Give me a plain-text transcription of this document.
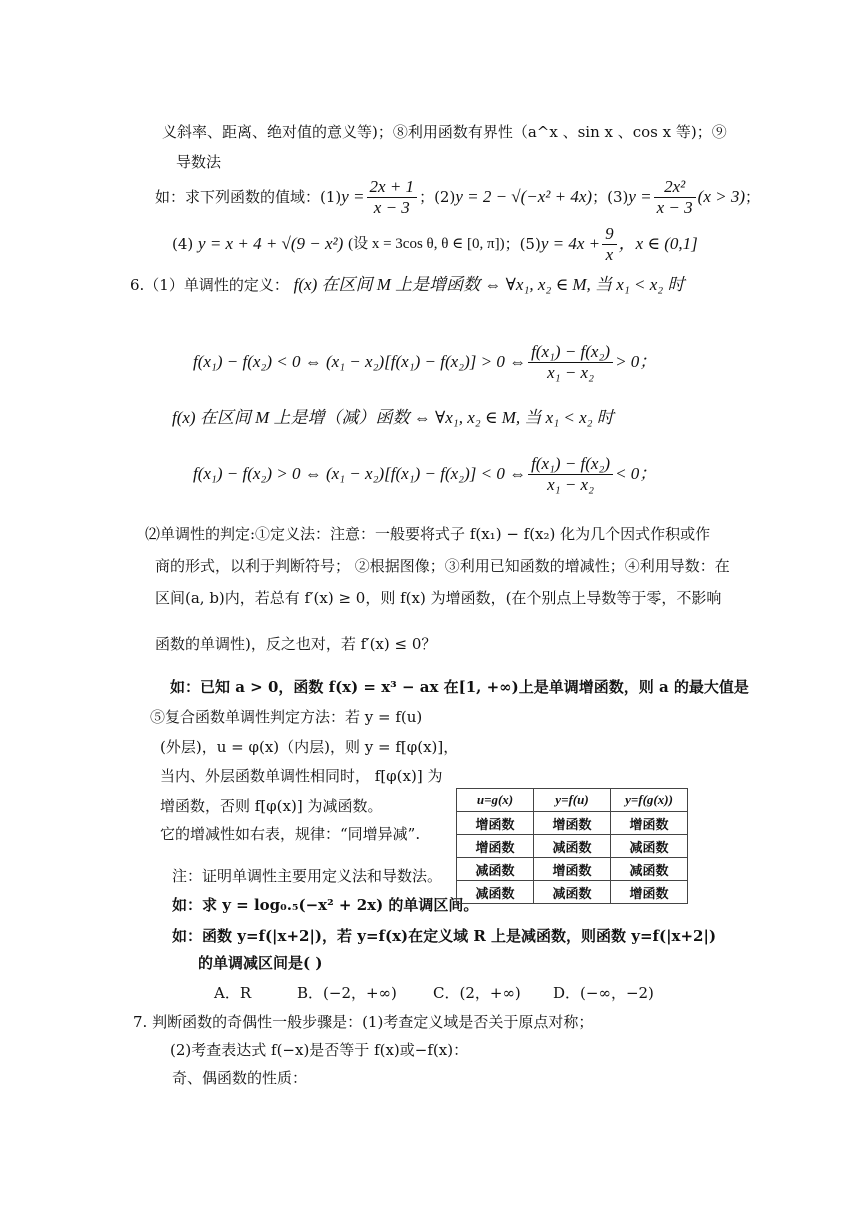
义斜率、距离、绝对值的意义等)；⑧利用函数有界性（a^x 、sin x 、cos x 等)；⑨
导数法
如：求下列函数的值域：(1) $y = \frac{2x + 1}{x - 3}$ ；(2) y = 2 − √(−x² + 4x) ；(3) $y = \frac{\text{2x²}}{x - 3} (x > 3)$ ；
(4)
y = x + 4 + √(9 − x²)
(设 x = 3cos θ, θ ∈ [0, π]) ；(5) $y = 4x + \frac{9}{x}$ ，x ∈ (0,1]
6.（1）单调性的定义： f(x) 在区间 M 上是增函数 ⇔ ∀x₁, x₂ ∈ M, 当 x₁ < x₂ 时
f(x₁) − f(x₂) < 0 ⇔ (x₁ − x₂)[f(x₁) − f(x₂)] > 0 ⇔ $\frac{\text{f(x₁) − f(x₂)}}{\text{x₁ − x₂}} > 0$；
f(x) 在区间 M 上是增（减）函数 ⇔ ∀x₁, x₂ ∈ M, 当 x₁ < x₂ 时
f(x₁) − f(x₂) > 0 ⇔ (x₁ − x₂)[f(x₁) − f(x₂)] < 0 ⇔ $\frac{\text{f(x₁) − f(x₂)}}{\text{x₁ − x₂}} < 0$；
⑵单调性的判定:①定义法：注意：一般要将式子 f(x₁) − f(x₂) 化为几个因式作积或作
商的形式，以利于判断符号； ②根据图像；③利用已知函数的增减性；④利用导数：在
区间(a, b)内，若总有 f′(x) ≥ 0，则 f(x) 为增函数，(在个别点上导数等于零，不影响
函数的单调性)，反之也对，若 f′(x) ≤ 0？
如：已知 a > 0，函数 f(x) = x³ − ax 在[1, +∞)上是单调增函数，则 a 的最大值是
⑤复合函数单调性判定方法：若 y = f(u)
(外层)，u = φ(x)（内层)，则 y = f[φ(x)]，
当内、外层函数单调性相同时， f[φ(x)] 为
增函数，否则 f[φ(x)] 为减函数。
它的增减性如右表，规律：“同增异减”.
注：证明单调性主要用定义法和导数法。
如：求 y = log₀.₅(−x² + 2x) 的单调区间。
u=g(x)	y=f(u)	y=f(g(x))
增函数	增函数	增函数
增函数	减函数	减函数
减函数	增函数	减函数
减函数	减函数	增函数
如：函数 y=f(|x+2|)，若 y=f(x)在定义域 R 上是减函数，则函数 y=f(|x+2|)
的单调减区间是( )
A．R	B．(−2，+∞) C．(2，+∞) D．(−∞，−2)
7. 判断函数的奇偶性一般步骤是：(1)考查定义域是否关于原点对称；
(2)考查表达式 f(−x)是否等于 f(x)或−f(x)：
奇、偶函数的性质：
